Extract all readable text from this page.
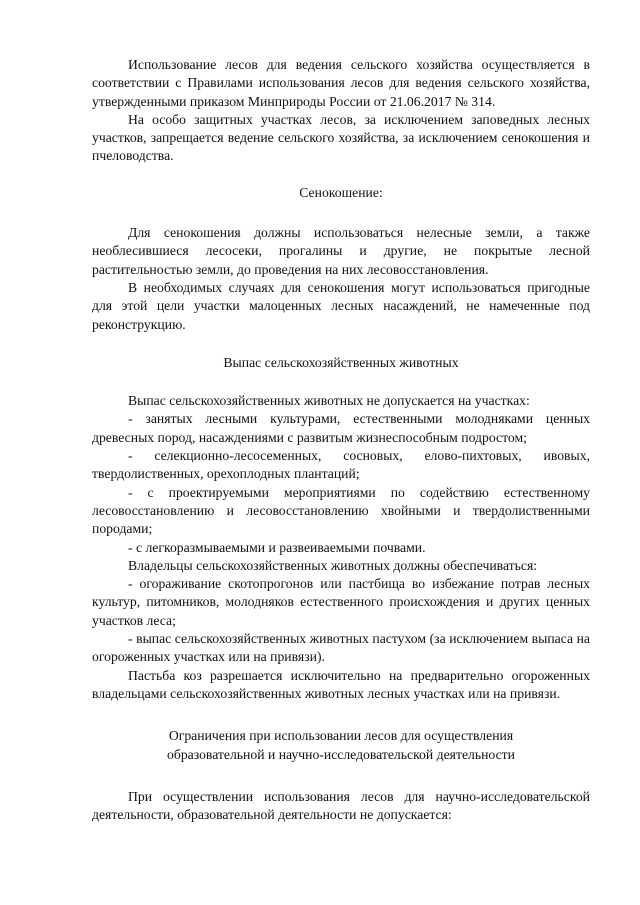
Использование лесов для ведения сельского хозяйства осуществляется в соответствии с Правилами использования лесов для ведения сельского хозяйства, утвержденными приказом Минприроды России от 21.06.2017 № 314.

На особо защитных участках лесов, за исключением заповедных лесных участков, запрещается ведение сельского хозяйства, за исключением сенокошения и пчеловодства.

Сенокошение:

Для сенокошения должны использоваться нелесные земли, а также необлесившиеся лесосеки, прогалины и другие, не покрытые лесной растительностью земли, до проведения на них лесовосстановления.

В необходимых случаях для сенокошения могут использоваться пригодные для этой цели участки малоценных лесных насаждений, не намеченные под реконструкцию.

Выпас сельскохозяйственных животных

Выпас сельскохозяйственных животных не допускается на участках:

- занятых лесными культурами, естественными молодняками ценных древесных пород, насаждениями с развитым жизнеспособным подростом;

- селекционно-лесосеменных, сосновых, елово-пихтовых, ивовых, твердолиственных, орехоплодных плантаций;

- с проектируемыми мероприятиями по содействию естественному лесовосстановлению и лесовосстановлению хвойными и твердолиственными породами;

- с легкоразмываемыми и развеиваемыми почвами.

Владельцы сельскохозяйственных животных должны обеспечиваться:

- огораживание скотопрогонов или пастбища во избежание потрав лесных культур, питомников, молодняков естественного происхождения и других ценных участков леса;

- выпас сельскохозяйственных животных пастухом (за исключением выпаса на огороженных участках или на привязи).

Пастьба коз разрешается исключительно на предварительно огороженных владельцами сельскохозяйственных животных лесных участках или на привязи.

Ограничения при использовании лесов для осуществления

образовательной и научно-исследовательской деятельности

При осуществлении использования лесов для научно-исследовательской деятельности, образовательной деятельности не допускается:
